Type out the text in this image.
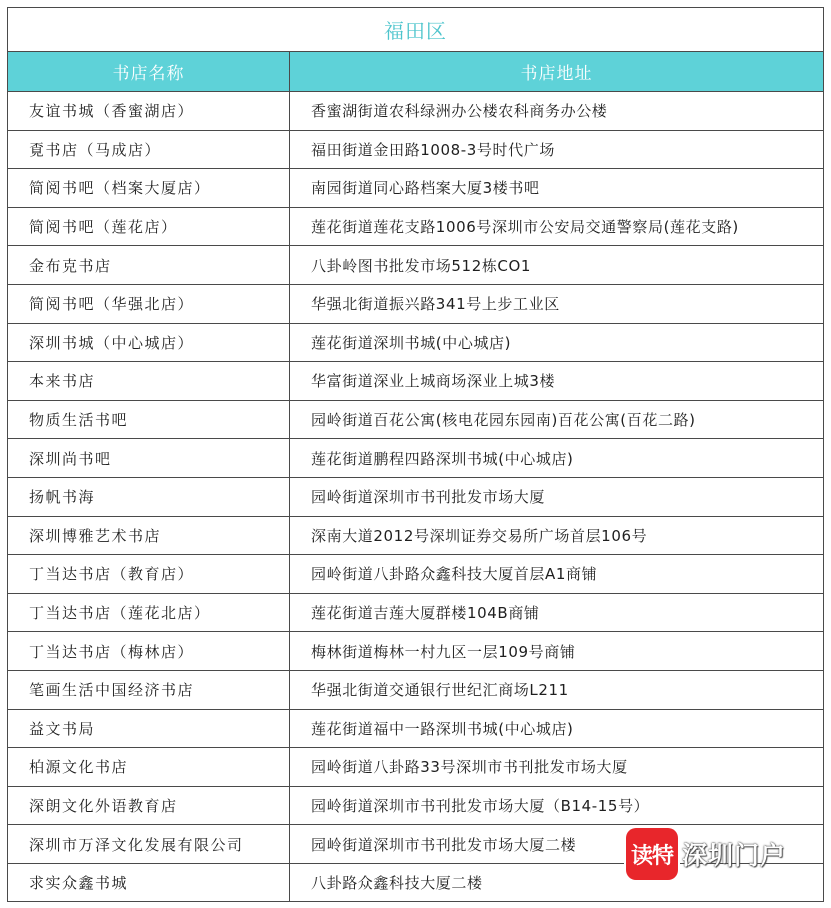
福田区	
书店名称	书店地址
友谊书城（香蜜湖店）	香蜜湖街道农科绿洲办公楼农科商务办公楼
覔书店（马成店）	福田街道金田路1008-3号时代广场
简阅书吧（档案大厦店）	南园街道同心路档案大厦3楼书吧
简阅书吧（莲花店）	莲花街道莲花支路1006号深圳市公安局交通警察局(莲花支路)
金布克书店	八卦岭图书批发市场512栋CO1
简阅书吧（华强北店）	华强北街道振兴路341号上步工业区
深圳书城（中心城店）	莲花街道深圳书城(中心城店)
本来书店	华富街道深业上城商场深业上城3楼
物质生活书吧	园岭街道百花公寓(核电花园东园南)百花公寓(百花二路)
深圳尚书吧	莲花街道鹏程四路深圳书城(中心城店)
扬帆书海	园岭街道深圳市书刊批发市场大厦
深圳博雅艺术书店	深南大道2012号深圳证券交易所广场首层106号
丁当达书店（教育店）	园岭街道八卦路众鑫科技大厦首层A1商铺
丁当达书店（莲花北店）	莲花街道吉莲大厦群楼104B商铺
丁当达书店（梅林店）	梅林街道梅林一村九区一层109号商铺
笔画生活中国经济书店	华强北街道交通银行世纪汇商场L211
益文书局	莲花街道福中一路深圳书城(中心城店)
柏源文化书店	园岭街道八卦路33号深圳市书刊批发市场大厦
深朗文化外语教育店	园岭街道深圳市书刊批发市场大厦（B14-15号）
深圳市万泽文化发展有限公司	园岭街道深圳市书刊批发市场大厦二楼
求实众鑫书城	八卦路众鑫科技大厦二楼
读特 深圳门户
